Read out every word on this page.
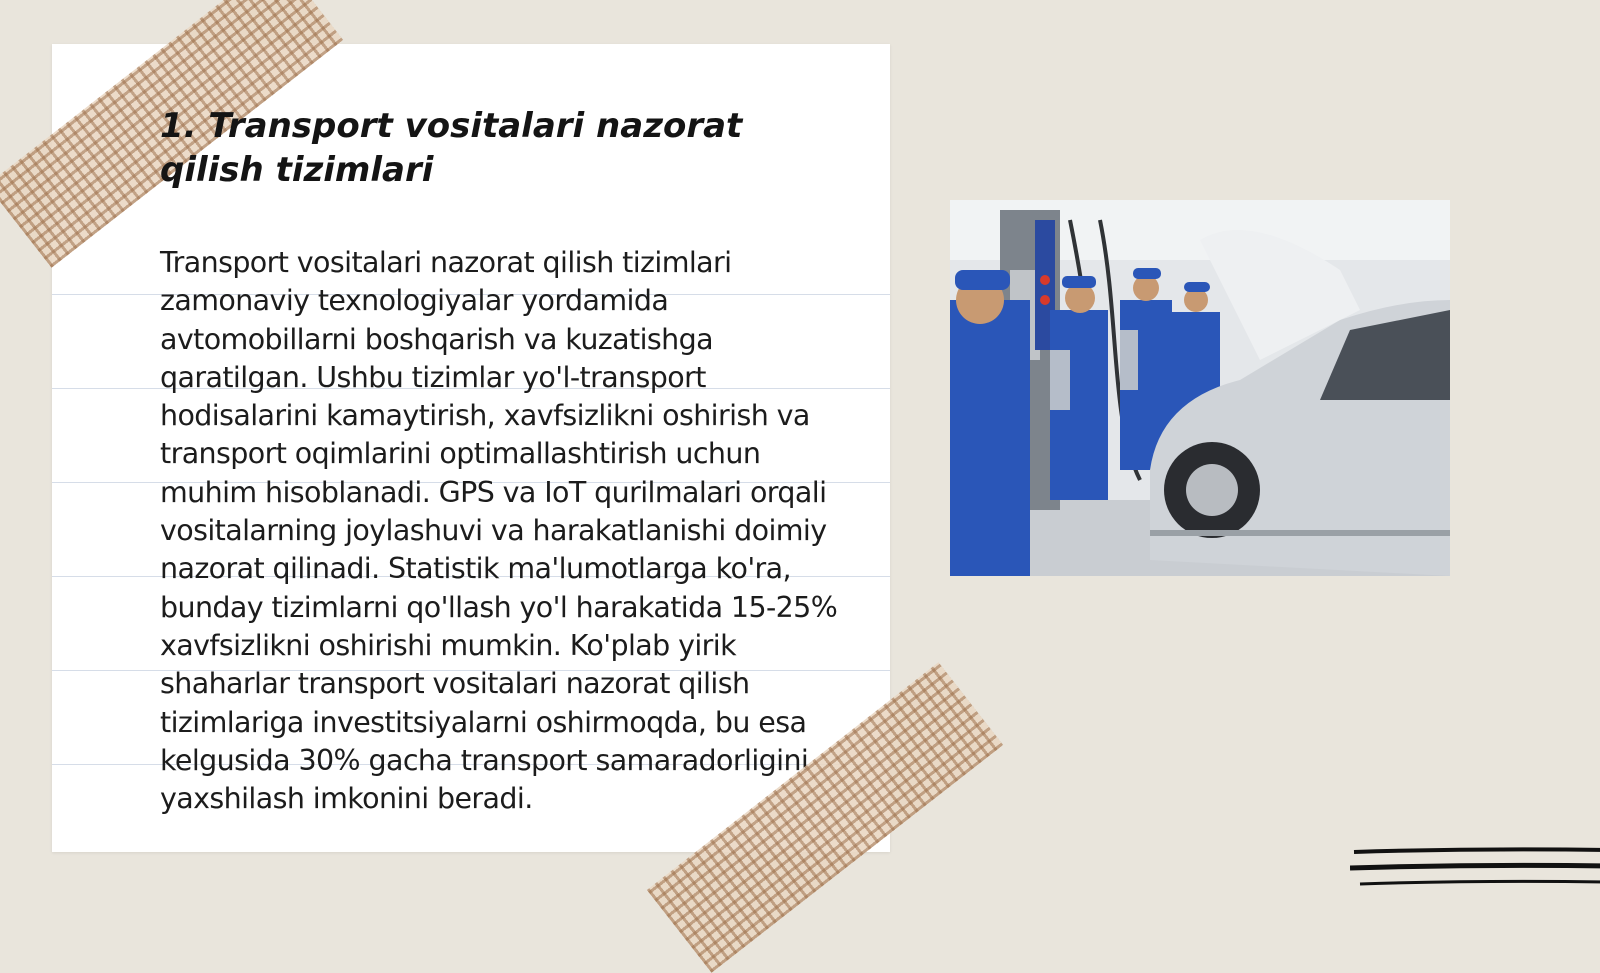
1. Transport vositalari nazorat qilish tizimlari

Transport vositalari nazorat qilish tizimlari zamonaviy texnologiyalar yordamida avtomobillarni boshqarish va kuzatishga qaratilgan. Ushbu tizimlar yo'l-transport hodisalarini kamaytirish, xavfsizlikni oshirish va transport oqimlarini optimallashtirish uchun muhim hisoblanadi. GPS va IoT qurilmalari orqali vositalarning joylashuvi va harakatlanishi doimiy nazorat qilinadi. Statistik ma'lumotlarga ko'ra, bunday tizimlarni qo'llash yo'l harakatida 15-25% xavfsizlikni oshirishi mumkin. Ko'plab yirik shaharlar transport vositalari nazorat qilish tizimlariga investitsiyalarni oshirmoqda, bu esa kelgusida 30% gacha transport samaradorligini yaxshilash imkonini beradi.
